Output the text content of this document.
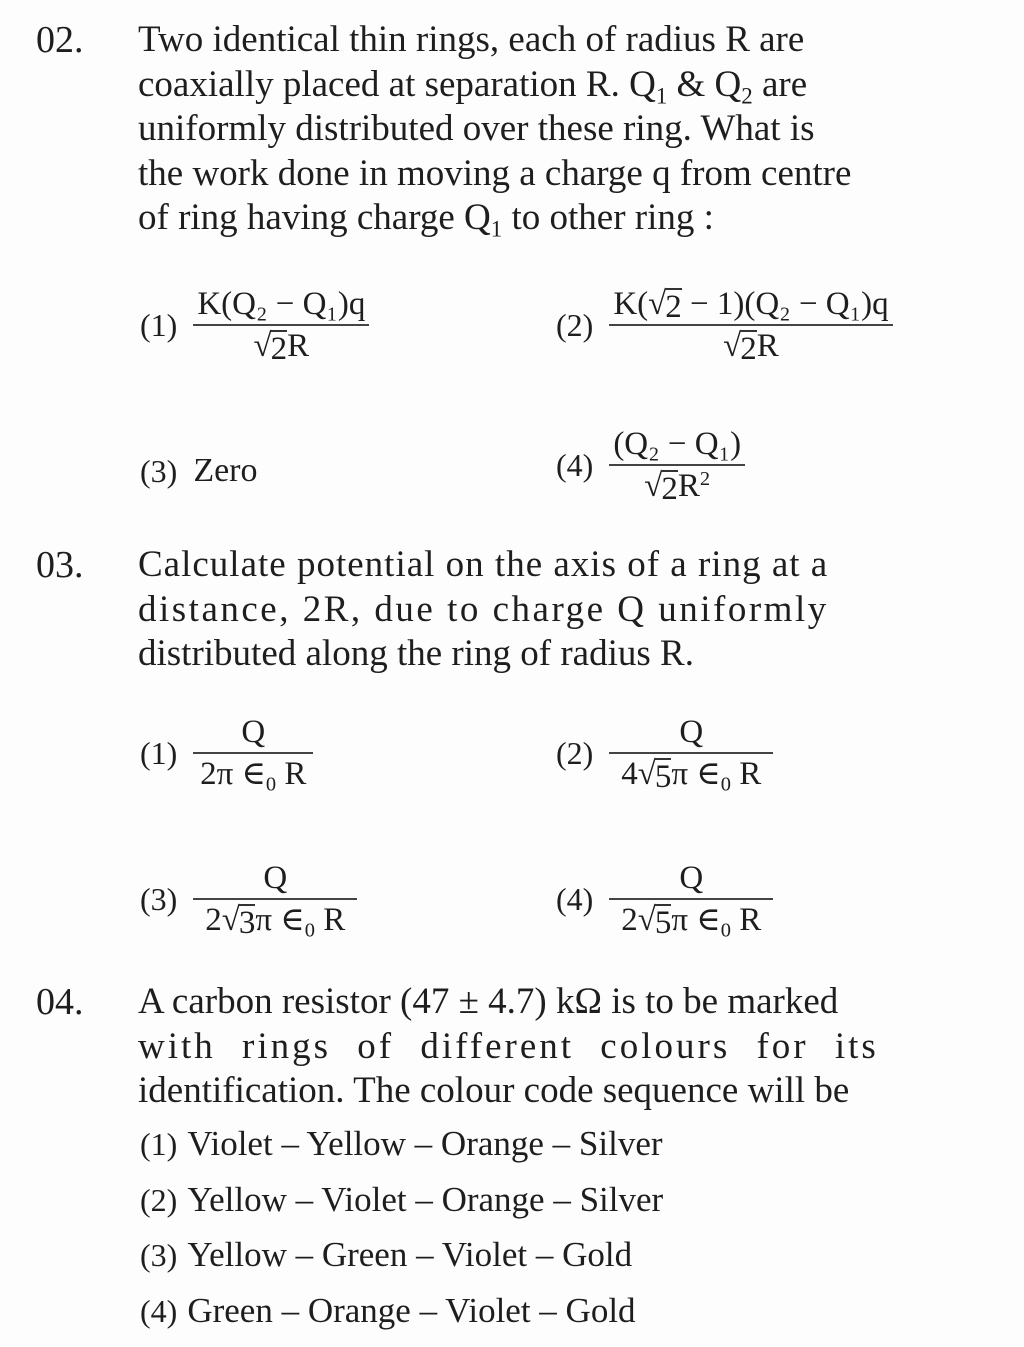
02. Two identical thin rings, each of radius R are
coaxially placed at separation R. $Q_1$ & $Q_2$ are
uniformly distributed over these ring. What is
the work done in moving a charge q from centre
of ring having charge $Q_1$ to other ring :
$(1) \frac{\text{K(Q₂ − Q₁)q}}{√ 2 R}$	$(2) \frac{\text{K( √ 2 − 1)(Q₂ − Q₁)q}}{√ 2 R}$
(3) Zero	$(4) \frac{\text{(Q₂ − Q₁)}}{√ 2 R^2}$
03. Calculate potential on the axis of a ring at a
distance, 2R, due to charge Q uniformly
distributed along the ring of radius R.
$(1) \frac{Q}{2\pi \in_0 R}$	$(2) \frac{Q}{4 √ 5 \pi \in_0 R}$
$(3) \frac{Q}{2 √ 3 \pi \in_0 R}$	$(4) \frac{Q}{2 √ 5 \pi \in_0 R}$
04. A carbon resistor (47 ± 4.7) kΩ is to be marked
with rings of different colours for its
identification. The colour code sequence will be
(1) Violet – Yellow – Orange – Silver
(2) Yellow – Violet – Orange – Silver
(3) Yellow – Green – Violet – Gold
(4) Green – Orange – Violet – Gold
